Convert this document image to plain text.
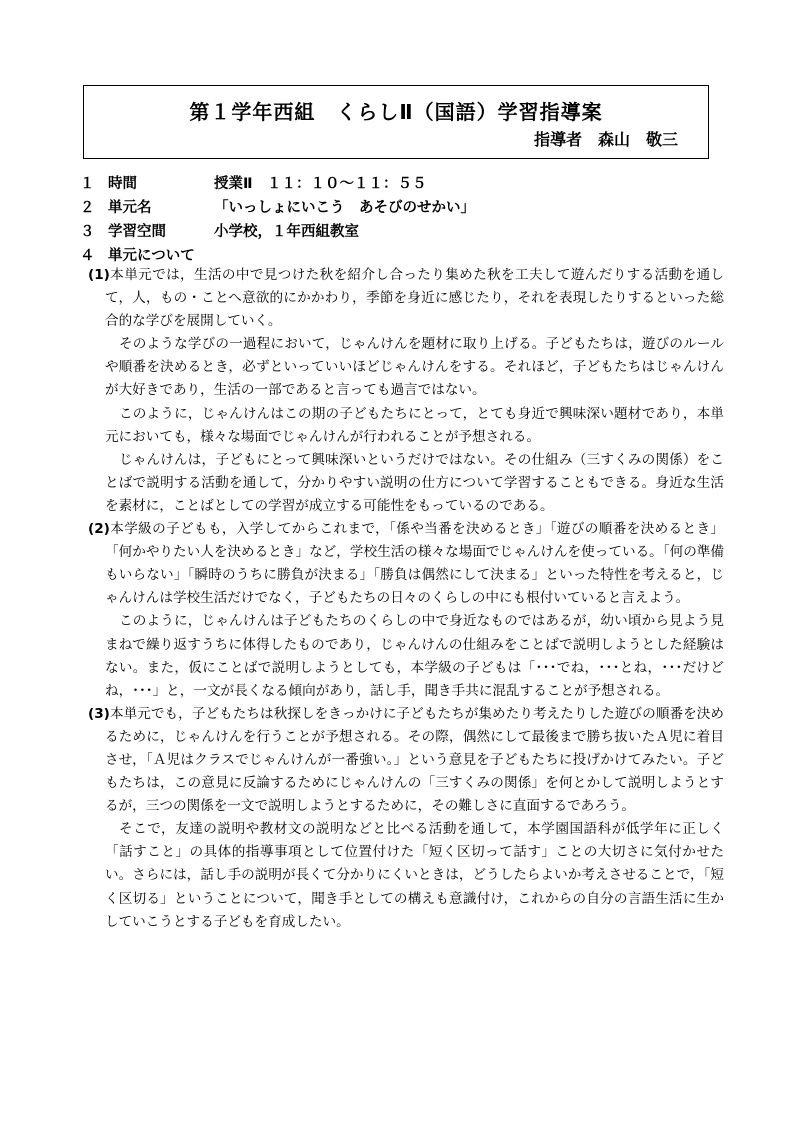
第１学年西組　くらしⅡ（国語）学習指導案
指導者　森山　敬三
１ 時間	授業Ⅱ　１１：１０～１１：５５
２ 単元名	「いっしょにいこう　あそびのせかい」
３ 学習空間	小学校，１年西組教室
４ 単元について

(1)本単元では，生活の中で見つけた秋を紹介し合ったり集めた秋を工夫して遊んだりする活動を通して，人，もの・ことへ意欲的にかかわり，季節を身近に感じたり，それを表現したりするといった総合的な学びを展開していく。

そのような学びの一過程において，じゃんけんを題材に取り上げる。子どもたちは，遊びのルールや順番を決めるとき，必ずといっていいほどじゃんけんをする。それほど，子どもたちはじゃんけんが大好きであり，生活の一部であると言っても過言ではない。

このように，じゃんけんはこの期の子どもたちにとって，とても身近で興味深い題材であり，本単元においても，様々な場面でじゃんけんが行われることが予想される。

じゃんけんは，子どもにとって興味深いというだけではない。その仕組み（三すくみの関係）をことばで説明する活動を通して，分かりやすい説明の仕方について学習することもできる。身近な生活を素材に，ことばとしての学習が成立する可能性をもっているのである。

(2)本学級の子どもも，入学してからこれまで，「係や当番を決めるとき」「遊びの順番を決めるとき」「何かやりたい人を決めるとき」など，学校生活の様々な場面でじゃんけんを使っている。「何の準備もいらない」「瞬時のうちに勝負が決まる」「勝負は偶然にして決まる」といった特性を考えると，じゃんけんは学校生活だけでなく，子どもたちの日々のくらしの中にも根付いていると言えよう。

このように，じゃんけんは子どもたちのくらしの中で身近なものではあるが，幼い頃から見よう見まねで繰り返すうちに体得したものであり，じゃんけんの仕組みをことばで説明しようとした経験はない。また，仮にことばで説明しようとしても，本学級の子どもは「･･･でね，･･･とね，･･･だけどね，･･･」と，一文が長くなる傾向があり，話し手，聞き手共に混乱することが予想される。

(3)本単元でも，子どもたちは秋探しをきっかけに子どもたちが集めたり考えたりした遊びの順番を決めるために，じゃんけんを行うことが予想される。その際，偶然にして最後まで勝ち抜いたＡ児に着目させ，「Ａ児はクラスでじゃんけんが一番強い。」という意見を子どもたちに投げかけてみたい。子どもたちは，この意見に反論するためにじゃんけんの「三すくみの関係」を何とかして説明しようとするが，三つの関係を一文で説明しようとするために，その難しさに直面するであろう。

そこで，友達の説明や教材文の説明などと比べる活動を通して，本学園国語科が低学年に正しく「話すこと」の具体的指導事項として位置付けた「短く区切って話す」ことの大切さに気付かせたい。さらには，話し手の説明が長くて分かりにくいときは，どうしたらよいか考えさせることで，「短く区切る」ということについて，聞き手としての構えも意識付け，これからの自分の言語生活に生かしていこうとする子どもを育成したい。
